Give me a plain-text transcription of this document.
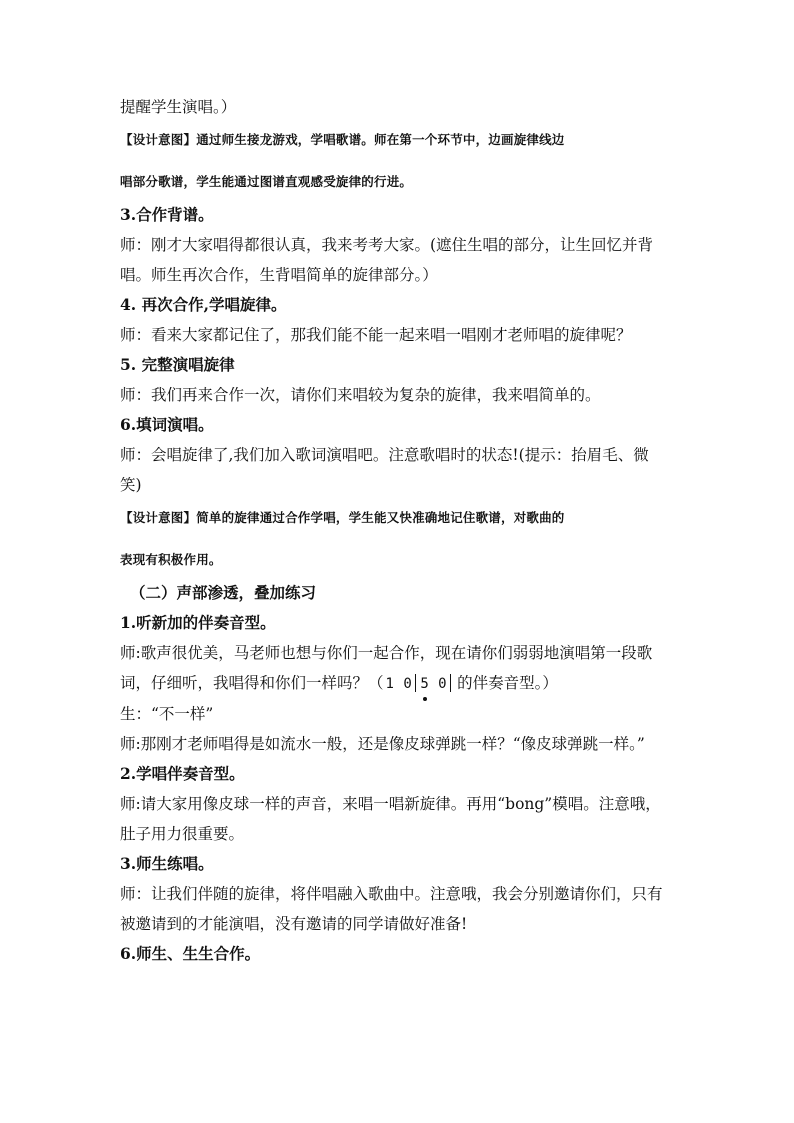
提醒学生演唱。）

【设计意图】通过师生接龙游戏，学唱歌谱。师在第一个环节中，边画旋律线边

唱部分歌谱，学生能通过图谱直观感受旋律的行进。

3.合作背谱。

师：刚才大家唱得都很认真，我来考考大家。(遮住生唱的部分，让生回忆并背

唱。师生再次合作，生背唱简单的旋律部分。）

4. 再次合作,学唱旋律。

师：看来大家都记住了，那我们能不能一起来唱一唱刚才老师唱的旋律呢？

5. 完整演唱旋律

师：我们再来合作一次，请你们来唱较为复杂的旋律，我来唱简单的。

6.填词演唱。

师：会唱旋律了,我们加入歌词演唱吧。注意歌唱时的状态!(提示：抬眉毛、微

笑)

【设计意图】简单的旋律通过合作学唱，学生能又快准确地记住歌谱，对歌曲的

表现有积极作用。

（二）声部渗透，叠加练习

1.听新加的伴奏音型。

师:歌声很优美，马老师也想与你们一起合作，现在请你们弱弱地演唱第一段歌

词，仔细听，我唱得和你们一样吗？（ 1 0 5
0 的伴奏音型。）

生：“不一样”

师:那刚才老师唱得是如流水一般，还是像皮球弹跳一样？“像皮球弹跳一样。”

2.学唱伴奏音型。

师:请大家用像皮球一样的声音，来唱一唱新旋律。再用“bong”模唱。注意哦，

肚子用力很重要。

3.师生练唱。

师：让我们伴随的旋律，将伴唱融入歌曲中。注意哦，我会分别邀请你们，只有

被邀请到的才能演唱，没有邀请的同学请做好准备!

6.师生、生生合作。
